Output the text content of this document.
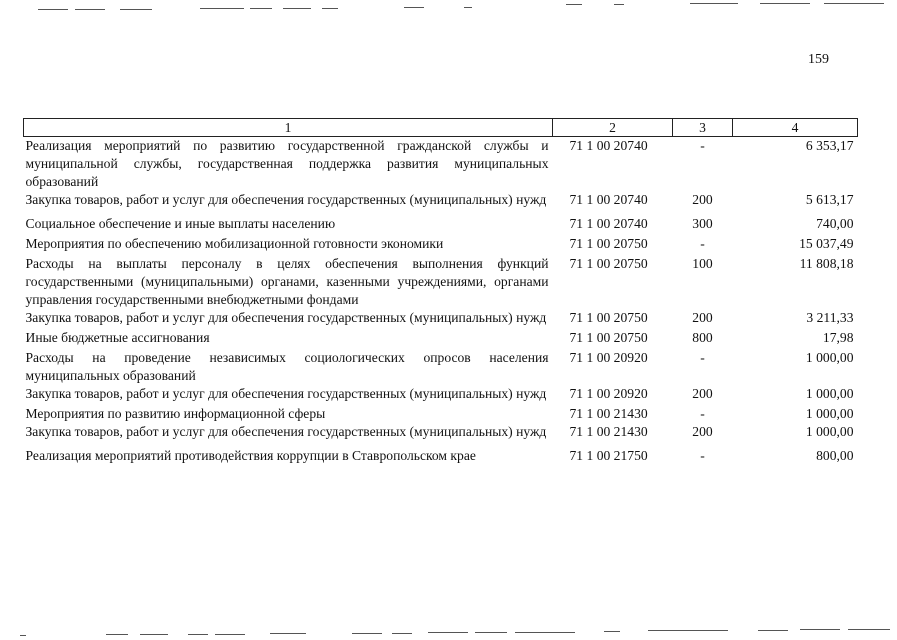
159
1	2	3	4
Реализация мероприятий по развитию государственной гражданской службы и муниципальной службы, государственная поддержка развития муниципальных образований	71 1 00 20740	-	6 353,17
Закупка товаров, работ и услуг для обеспечения государственных (муниципальных) нужд	71 1 00 20740	200	5 613,17
Социальное обеспечение и иные выплаты населению	71 1 00 20740	300	740,00
Мероприятия по обеспечению мобилизационной готовности экономики	71 1 00 20750	-	15 037,49
Расходы на выплаты персоналу в целях обеспечения выполнения функций государственными (муниципальными) органами, казенными учреждениями, органами управления государственными внебюджетными фондами	71 1 00 20750	100	11 808,18
Закупка товаров, работ и услуг для обеспечения государственных (муниципальных) нужд	71 1 00 20750	200	3 211,33
Иные бюджетные ассигнования	71 1 00 20750	800	17,98
Расходы на проведение независимых социологических опросов населения муниципальных образований	71 1 00 20920	-	1 000,00
Закупка товаров, работ и услуг для обеспечения государственных (муниципальных) нужд	71 1 00 20920	200	1 000,00
Мероприятия по развитию информационной сферы	71 1 00 21430	-	1 000,00
Закупка товаров, работ и услуг для обеспечения государственных (муниципальных) нужд	71 1 00 21430	200	1 000,00
Реализация мероприятий противодействия коррупции в Ставропольском крае	71 1 00 21750	-	800,00
